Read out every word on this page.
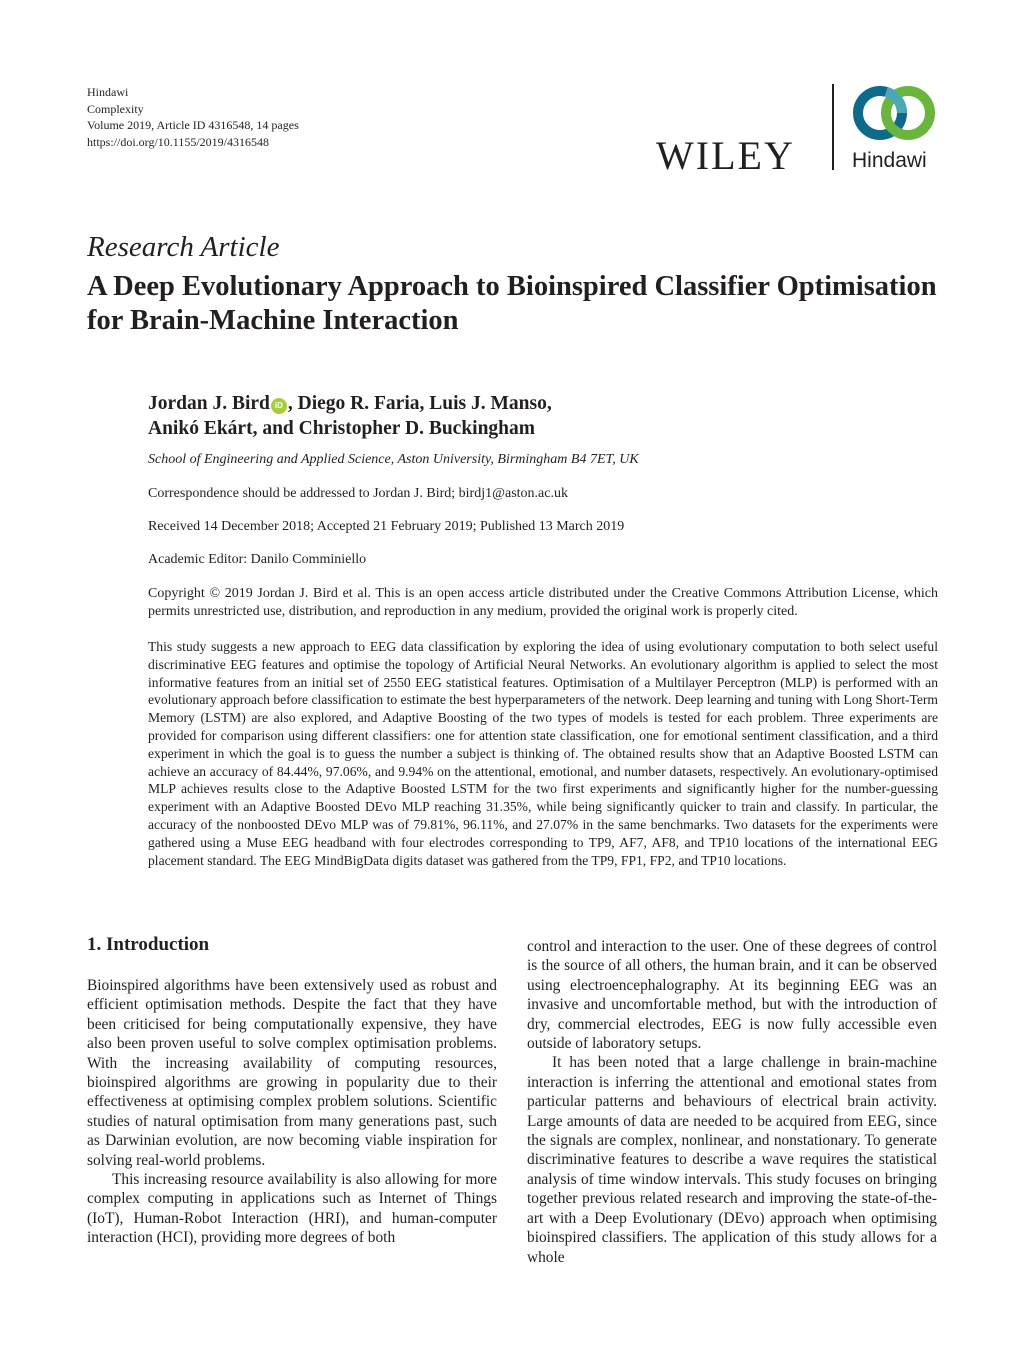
Hindawi
Complexity
Volume 2019, Article ID 4316548, 14 pages
https://doi.org/10.1155/2019/4316548	WILEY	Hindawi
Research Article
A Deep Evolutionary Approach to Bioinspired Classifier Optimisation for Brain-Machine Interaction
Jordan J. Bird iD , Diego R. Faria, Luis J. Manso,
Anikó Ekárt, and Christopher D. Buckingham
School of Engineering and Applied Science, Aston University, Birmingham B4 7ET, UK
Correspondence should be addressed to Jordan J. Bird; birdj1@aston.ac.uk
Received 14 December 2018; Accepted 21 February 2019; Published 13 March 2019
Academic Editor: Danilo Comminiello
Copyright © 2019 Jordan J. Bird et al. This is an open access article distributed under the Creative Commons Attribution License, which permits unrestricted use, distribution, and reproduction in any medium, provided the original work is properly cited.
This study suggests a new approach to EEG data classification by exploring the idea of using evolutionary computation to both select useful discriminative EEG features and optimise the topology of Artificial Neural Networks. An evolutionary algorithm is applied to select the most informative features from an initial set of 2550 EEG statistical features. Optimisation of a Multilayer Perceptron (MLP) is performed with an evolutionary approach before classification to estimate the best hyperparameters of the network. Deep learning and tuning with Long Short-Term Memory (LSTM) are also explored, and Adaptive Boosting of the two types of models is tested for each problem. Three experiments are provided for comparison using different classifiers: one for attention state classification, one for emotional sentiment classification, and a third experiment in which the goal is to guess the number a subject is thinking of. The obtained results show that an Adaptive Boosted LSTM can achieve an accuracy of 84.44%, 97.06%, and 9.94% on the attentional, emotional, and number datasets, respectively. An evolutionary-optimised MLP achieves results close to the Adaptive Boosted LSTM for the two first experiments and significantly higher for the number-guessing experiment with an Adaptive Boosted DEvo MLP reaching 31.35%, while being significantly quicker to train and classify. In particular, the accuracy of the nonboosted DEvo MLP was of 79.81%, 96.11%, and 27.07% in the same benchmarks. Two datasets for the experiments were gathered using a Muse EEG headband with four electrodes corresponding to TP9, AF7, AF8, and TP10 locations of the international EEG placement standard. The EEG MindBigData digits dataset was gathered from the TP9, FP1, FP2, and TP10 locations.
1. Introduction

Bioinspired algorithms have been extensively used as robust and efficient optimisation methods. Despite the fact that they have been criticised for being computationally expensive, they have also been proven useful to solve complex optimisation problems. With the increasing availability of computing resources, bioinspired algorithms are growing in popularity due to their effectiveness at optimising complex problem solutions. Scientific studies of natural optimisation from many generations past, such as Darwinian evolution, are now becoming viable inspiration for solving real-world problems.

This increasing resource availability is also allowing for more complex computing in applications such as Internet of Things (IoT), Human-Robot Interaction (HRI), and human-computer interaction (HCI), providing more degrees of both

control and interaction to the user. One of these degrees of control is the source of all others, the human brain, and it can be observed using electroencephalography. At its beginning EEG was an invasive and uncomfortable method, but with the introduction of dry, commercial electrodes, EEG is now fully accessible even outside of laboratory setups.

It has been noted that a large challenge in brain-machine interaction is inferring the attentional and emotional states from particular patterns and behaviours of electrical brain activity. Large amounts of data are needed to be acquired from EEG, since the signals are complex, nonlinear, and nonstationary. To generate discriminative features to describe a wave requires the statistical analysis of time window intervals. This study focuses on bringing together previous related research and improving the state-of-the-art with a Deep Evolutionary (DEvo) approach when optimising bioinspired classifiers. The application of this study allows for a whole
